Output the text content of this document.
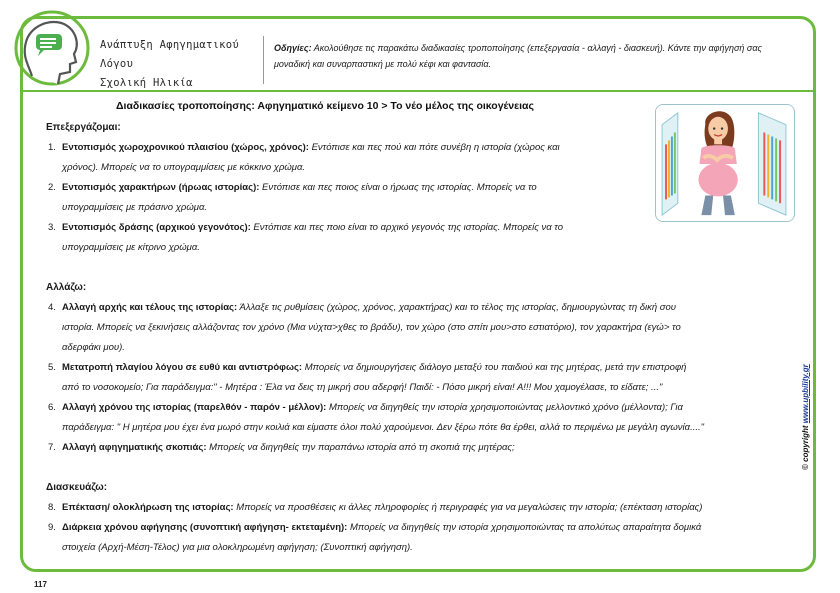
Ανάπτυξη Αφηγηματικού Λόγου
Σχολική Ηλικία
Οδηγίες: Ακολούθησε τις παρακάτω διαδικασίες τροποποίησης (επεξεργασία - αλλαγή - διασκευή). Κάντε την αφήγησή σας μοναδική και συναρπαστική με πολύ κέφι και φαντασία.
Διαδικασίες τροποποίησης: Αφηγηματικό κείμενο 10 > Το νέο μέλος της οικογένειας
Επεξεργάζομαι:
1. Εντοπισμός χωροχρονικού πλαισίου (χώρος, χρόνος): Εντόπισε και πες πού και πότε συνέβη η ιστορία (χώρος και
χρόνος). Μπορείς να το υπογραμμίσεις με κόκκινο χρώμα.
2. Εντοπισμός χαρακτήρων (ήρωας ιστορίας): Εντόπισε και πες ποιος είναι ο ήρωας της ιστορίας. Μπορείς να το
υπογραμμίσεις με πράσινο χρώμα.
3. Εντοπισμός δράσης (αρχικού γεγονότος): Εντόπισε και πες ποιο είναι το αρχικό γεγονός της ιστορίας. Μπορείς να το
υπογραμμίσεις με κίτρινο χρώμα.
Αλλάζω:
4. Αλλαγή αρχής και τέλους της ιστορίας: Άλλαξε τις ρυθμίσεις (χώρος, χρόνος, χαρακτήρας) και το τέλος της ιστορίας, δημιουργώντας τη δική σου
ιστορία. Μπορείς να ξεκινήσεις αλλάζοντας τον χρόνο (Μια νύχτα>χθες το βράδυ), τον χώρο (στο σπίτι μου>στο εστιατόριο), τον χαρακτήρα (εγώ> το
αδερφάκι μου).
5. Μετατροπή πλαγίου λόγου σε ευθύ και αντιστρόφως: Μπορείς να δημιουργήσεις διάλογο μεταξύ του παιδιού και της μητέρας, μετά την επιστροφή
από το νοσοκομείο; Για παράδειγμα:" - Μητέρα : Έλα να δεις τη μικρή σου αδερφή! Παιδί: - Πόσο μικρή είναι! Α!!! Μου χαμογέλασε, το είδατε; ..."
6. Αλλαγή χρόνου της ιστορίας (παρελθόν - παρόν - μέλλον): Μπορείς να διηγηθείς την ιστορία χρησιμοποιώντας μελλοντικό χρόνο (μέλλοντα); Για
παράδειγμα: " Η μητέρα μου έχει ένα μωρό στην κοιλιά και είμαστε όλοι πολύ χαρούμενοι. Δεν ξέρω πότε θα έρθει, αλλά το περιμένω με μεγάλη αγωνία...."
7. Αλλαγή αφηγηματικής σκοπιάς: Μπορείς να διηγηθείς την παραπάνω ιστορία από τη σκοπιά της μητέρας;
Διασκευάζω:
8. Επέκταση/ ολοκλήρωση της ιστορίας: Μπορείς να προσθέσεις κι άλλες πληροφορίες ή περιγραφές για να μεγαλώσεις την ιστορία; (επέκταση ιστορίας)
9. Διάρκεια χρόνου αφήγησης (συνοπτική αφήγηση- εκτεταμένη): Μπορείς να διηγηθείς την ιστορία χρησιμοποιώντας τα απολύτως απαραίτητα δομικά
στοιχεία (Αρχή-Μέση-Τέλος) για μια ολοκληρωμένη αφήγηση; (Συνοπτική αφήγηση).
© copyright www.upbility.gr
117
